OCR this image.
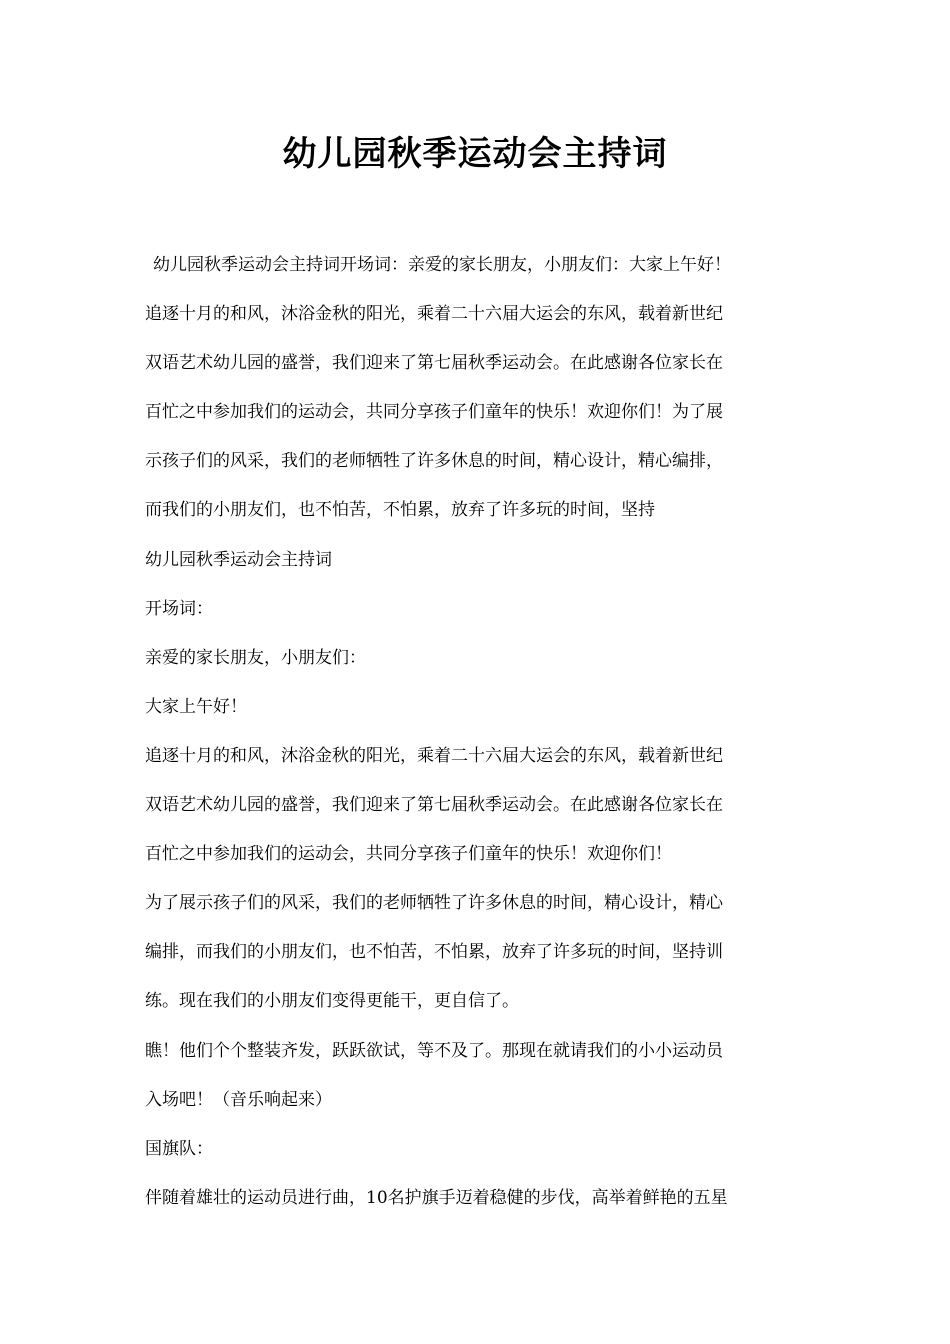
幼儿园秋季运动会主持词
幼儿园秋季运动会主持词开场词：亲爱的家长朋友，小朋友们：大家上午好！
追逐十月的和风，沐浴金秋的阳光，乘着二十六届大运会的东风，载着新世纪
双语艺术幼儿园的盛誉，我们迎来了第七届秋季运动会。在此感谢各位家长在
百忙之中参加我们的运动会，共同分享孩子们童年的快乐！欢迎你们！为了展
示孩子们的风采，我们的老师牺牲了许多休息的时间，精心设计，精心编排，
而我们的小朋友们，也不怕苦，不怕累，放弃了许多玩的时间，坚持
幼儿园秋季运动会主持词
开场词：
亲爱的家长朋友，小朋友们：
大家上午好！
追逐十月的和风，沐浴金秋的阳光，乘着二十六届大运会的东风，载着新世纪
双语艺术幼儿园的盛誉，我们迎来了第七届秋季运动会。在此感谢各位家长在
百忙之中参加我们的运动会，共同分享孩子们童年的快乐！欢迎你们！
为了展示孩子们的风采，我们的老师牺牲了许多休息的时间，精心设计，精心
编排，而我们的小朋友们，也不怕苦，不怕累，放弃了许多玩的时间，坚持训
练。现在我们的小朋友们变得更能干，更自信了。
瞧！他们个个整装齐发，跃跃欲试，等不及了。那现在就请我们的小小运动员
入场吧！（音乐响起来）
国旗队：
伴随着雄壮的运动员进行曲，10名护旗手迈着稳健的步伐，高举着鲜艳的五星
